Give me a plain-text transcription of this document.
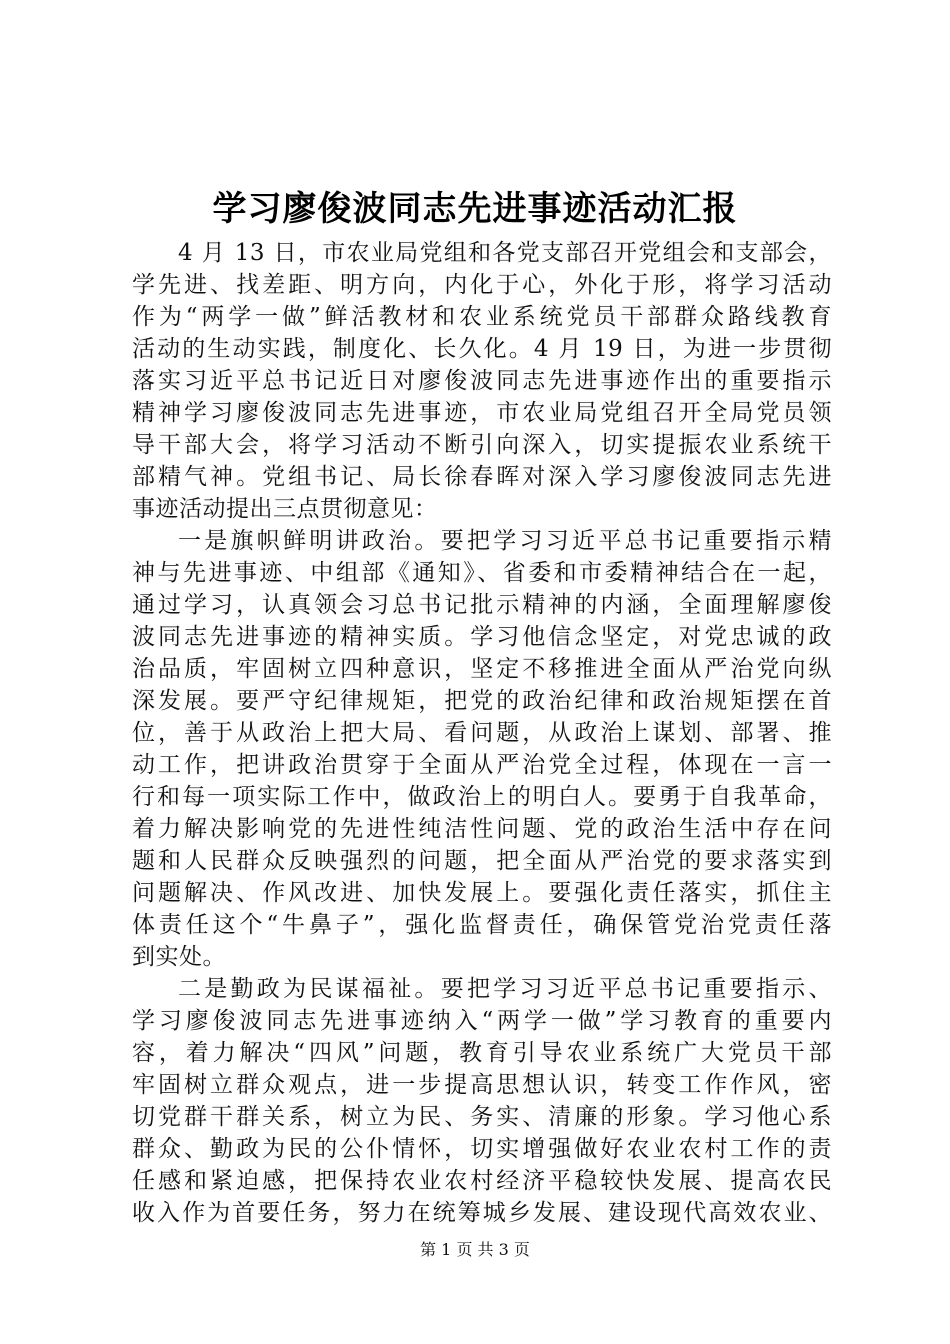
学习廖俊波同志先进事迹活动汇报
4 月 13 日，市农业局党组和各党支部召开党组会和支部会，
学先进、找差距、明方向，内化于心，外化于形，将学习活动
作为“两学一做”鲜活教材和农业系统党员干部群众路线教育
活动的生动实践，制度化、长久化。4 月 19 日，为进一步贯彻
落实习近平总书记近日对廖俊波同志先进事迹作出的重要指示
精神学习廖俊波同志先进事迹，市农业局党组召开全局党员领
导干部大会，将学习活动不断引向深入，切实提振农业系统干
部精气神。党组书记、局长徐春晖对深入学习廖俊波同志先进
事迹活动提出三点贯彻意见：
一是旗帜鲜明讲政治。要把学习习近平总书记重要指示精
神与先进事迹、中组部《通知》、省委和市委精神结合在一起，
通过学习，认真领会习总书记批示精神的内涵，全面理解廖俊
波同志先进事迹的精神实质。学习他信念坚定，对党忠诚的政
治品质，牢固树立四种意识，坚定不移推进全面从严治党向纵
深发展。要严守纪律规矩，把党的政治纪律和政治规矩摆在首
位，善于从政治上把大局、看问题，从政治上谋划、部署、推
动工作，把讲政治贯穿于全面从严治党全过程，体现在一言一
行和每一项实际工作中，做政治上的明白人。要勇于自我革命，
着力解决影响党的先进性纯洁性问题、党的政治生活中存在问
题和人民群众反映强烈的问题，把全面从严治党的要求落实到
问题解决、作风改进、加快发展上。要强化责任落实，抓住主
体责任这个“牛鼻子”，强化监督责任，确保管党治党责任落
到实处。
二是勤政为民谋福祉。要把学习习近平总书记重要指示、
学习廖俊波同志先进事迹纳入“两学一做”学习教育的重要内
容，着力解决“四风”问题，教育引导农业系统广大党员干部
牢固树立群众观点，进一步提高思想认识，转变工作作风，密
切党群干群关系，树立为民、务实、清廉的形象。学习他心系
群众、勤政为民的公仆情怀，切实增强做好农业农村工作的责
任感和紧迫感，把保持农业农村经济平稳较快发展、提高农民
收入作为首要任务，努力在统筹城乡发展、建设现代高效农业、
第 1 页 共 3 页
